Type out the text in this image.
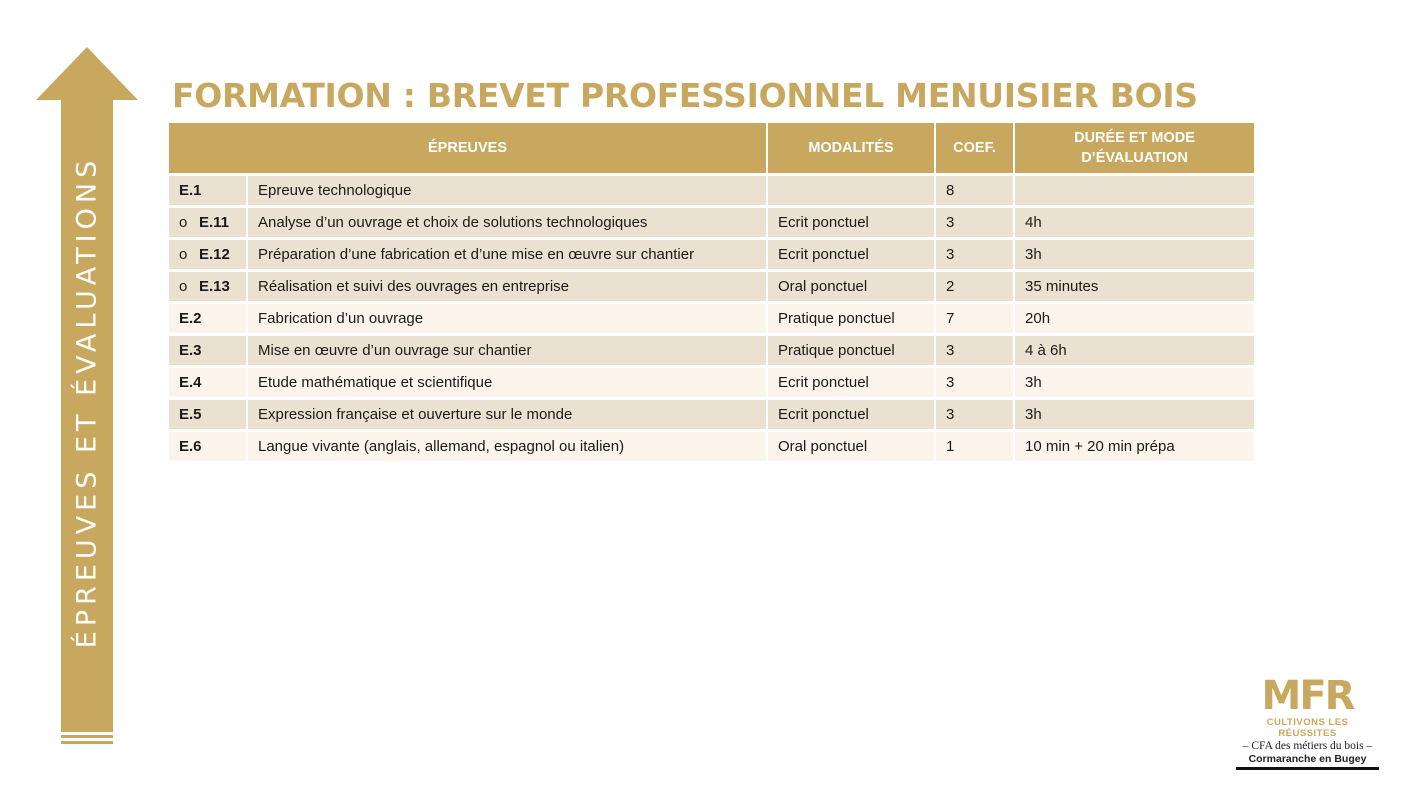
ÉPREUVES ET ÉVALUATIONS
FORMATION : BREVET PROFESSIONNEL MENUISIER BOIS
ÉPREUVES		MODALITÉS	COEF.	DURÉE ET MODE D’ÉVALUATION
E.1	Epreuve technologique		8	
o E.11	Analyse d’un ouvrage et choix de solutions technologiques	Ecrit ponctuel	3	4h
o E.12	Préparation d’une fabrication et d’une mise en œuvre sur chantier	Ecrit ponctuel	3	3h
o E.13	Réalisation et suivi des ouvrages en entreprise	Oral ponctuel	2	35 minutes
E.2	Fabrication d’un ouvrage	Pratique ponctuel	7	20h
E.3	Mise en œuvre d’un ouvrage sur chantier	Pratique ponctuel	3	4 à 6h
E.4	Etude mathématique et scientifique	Ecrit ponctuel	3	3h
E.5	Expression française et ouverture sur le monde	Ecrit ponctuel	3	3h
E.6	Langue vivante (anglais, allemand, espagnol ou italien)	Oral ponctuel	1	10 min + 20 min prépa
MFR
CULTIVONS LES RÉUSSITES
– CFA des métiers du bois –
Cormaranche en Bugey
